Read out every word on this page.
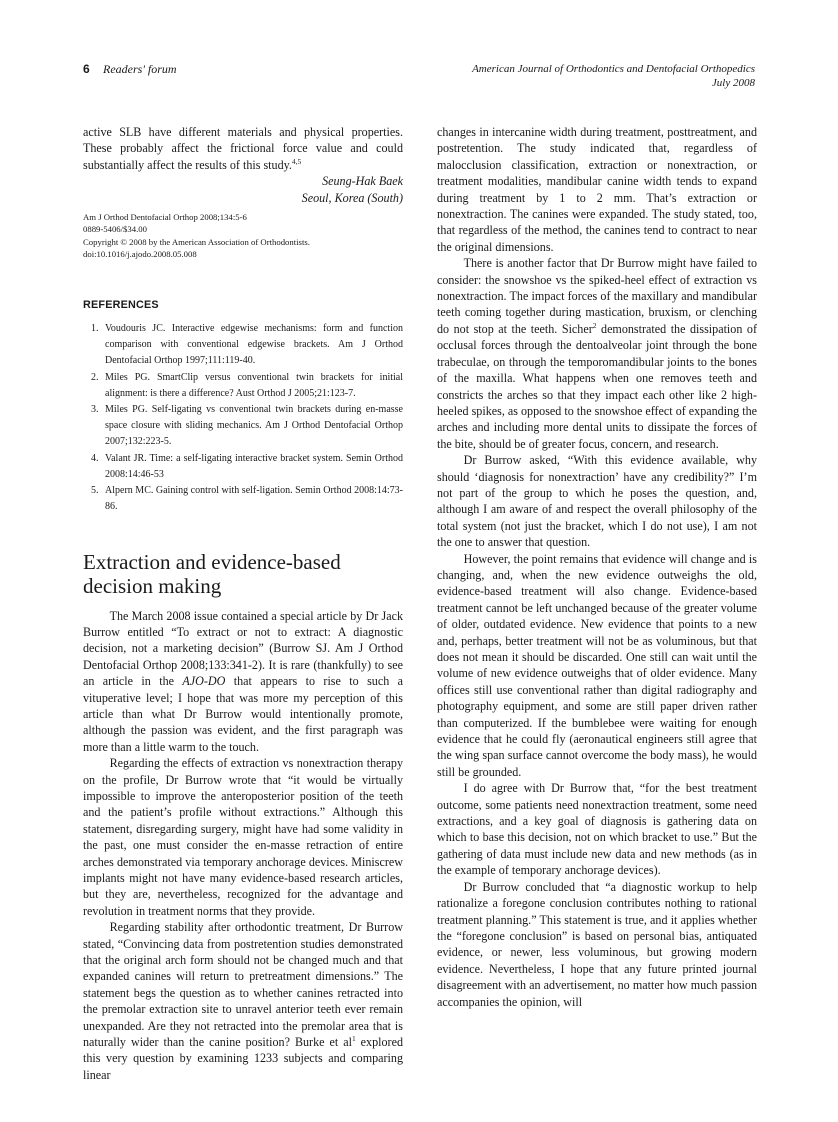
6 Readers' forum	American Journal of Orthodontics and Dentofacial Orthopedics
July 2008

active SLB have different materials and physical properties. These probably affect the frictional force value and could substantially affect the results of this study.$^{4,5}$

Seung-Hak Baek

Seoul, Korea (South)

Am J Orthod Dentofacial Orthop 2008;134:5-6
0889-5406/$34.00
Copyright © 2008 by the American Association of Orthodontists.
doi:10.1016/j.ajodo.2008.05.008
REFERENCES
1. Voudouris JC. Interactive edgewise mechanisms: form and function comparison with conventional edgewise brackets. Am J Orthod Dentofacial Orthop 1997;111:119-40.
2. Miles PG. SmartClip versus conventional twin brackets for initial alignment: is there a difference? Aust Orthod J 2005;21:123-7.
3. Miles PG. Self-ligating vs conventional twin brackets during en-masse space closure with sliding mechanics. Am J Orthod Dentofacial Orthop 2007;132:223-5.
4. Valant JR. Time: a self-ligating interactive bracket system. Semin Orthod 2008:14:46-53
5. Alpern MC. Gaining control with self-ligation. Semin Orthod 2008:14:73-86.
Extraction and evidence-based decision making

The March 2008 issue contained a special article by Dr Jack Burrow entitled “To extract or not to extract: A diagnostic decision, not a marketing decision” (Burrow SJ. Am J Orthod Dentofacial Orthop 2008;133:341-2). It is rare (thankfully) to see an article in the AJO-DO that appears to rise to such a vituperative level; I hope that was more my perception of this article than what Dr Burrow would intentionally promote, although the passion was evident, and the first paragraph was more than a little warm to the touch.

Regarding the effects of extraction vs nonextraction therapy on the profile, Dr Burrow wrote that “it would be virtually impossible to improve the anteroposterior position of the teeth and the patient’s profile without extractions.” Although this statement, disregarding surgery, might have had some validity in the past, one must consider the en-masse retraction of entire arches demonstrated via temporary anchorage devices. Miniscrew implants might not have many evidence-based research articles, but they are, nevertheless, recognized for the advantage and revolution in treatment norms that they provide.

Regarding stability after orthodontic treatment, Dr Burrow stated, “Convincing data from postretention studies demonstrated that the original arch form should not be changed much and that expanded canines will return to pretreatment dimensions.” The statement begs the question as to whether canines retracted into the premolar extraction site to unravel anterior teeth ever remain unexpanded. Are they not retracted into the premolar area that is naturally wider than the canine position? Burke et $al^1$ explored this very question by examining 1233 subjects and comparing linear

changes in intercanine width during treatment, posttreatment, and postretention. The study indicated that, regardless of malocclusion classification, extraction or nonextraction, or treatment modalities, mandibular canine width tends to expand during treatment by 1 to 2 mm. That’s extraction or nonextraction. The canines were expanded. The study stated, too, that regardless of the method, the canines tend to contract to near the original dimensions.

There is another factor that Dr Burrow might have failed to consider: the snowshoe vs the spiked-heel effect of extraction vs nonextraction. The impact forces of the maxillary and mandibular teeth coming together during mastication, bruxism, or clenching do not stop at the teeth. Sicher$^2$ demonstrated the dissipation of occlusal forces through the dentoalveolar joint through the bone trabeculae, on through the temporomandibular joints to the bones of the maxilla. What happens when one removes teeth and constricts the arches so that they impact each other like 2 high-heeled spikes, as opposed to the snowshoe effect of expanding the arches and including more dental units to dissipate the forces of the bite, should be of greater focus, concern, and research.

Dr Burrow asked, “With this evidence available, why should ‘diagnosis for nonextraction’ have any credibility?” I’m not part of the group to which he poses the question, and, although I am aware of and respect the overall philosophy of the total system (not just the bracket, which I do not use), I am not the one to answer that question.

However, the point remains that evidence will change and is changing, and, when the new evidence outweighs the old, evidence-based treatment will also change. Evidence-based treatment cannot be left unchanged because of the greater volume of older, outdated evidence. New evidence that points to a new and, perhaps, better treatment will not be as voluminous, but that does not mean it should be discarded. One still can wait until the volume of new evidence outweighs that of older evidence. Many offices still use conventional rather than digital radiography and photography equipment, and some are still paper driven rather than computerized. If the bumblebee were waiting for enough evidence that he could fly (aeronautical engineers still agree that the wing span surface cannot overcome the body mass), he would still be grounded.

I do agree with Dr Burrow that, “for the best treatment outcome, some patients need nonextraction treatment, some need extractions, and a key goal of diagnosis is gathering data on which to base this decision, not on which bracket to use.” But the gathering of data must include new data and new methods (as in the example of temporary anchorage devices).

Dr Burrow concluded that “a diagnostic workup to help rationalize a foregone conclusion contributes nothing to rational treatment planning.” This statement is true, and it applies whether the “foregone conclusion” is based on personal bias, antiquated evidence, or newer, less voluminous, but growing modern evidence. Nevertheless, I hope that any future printed journal disagreement with an advertisement, no matter how much passion accompanies the opinion, will
